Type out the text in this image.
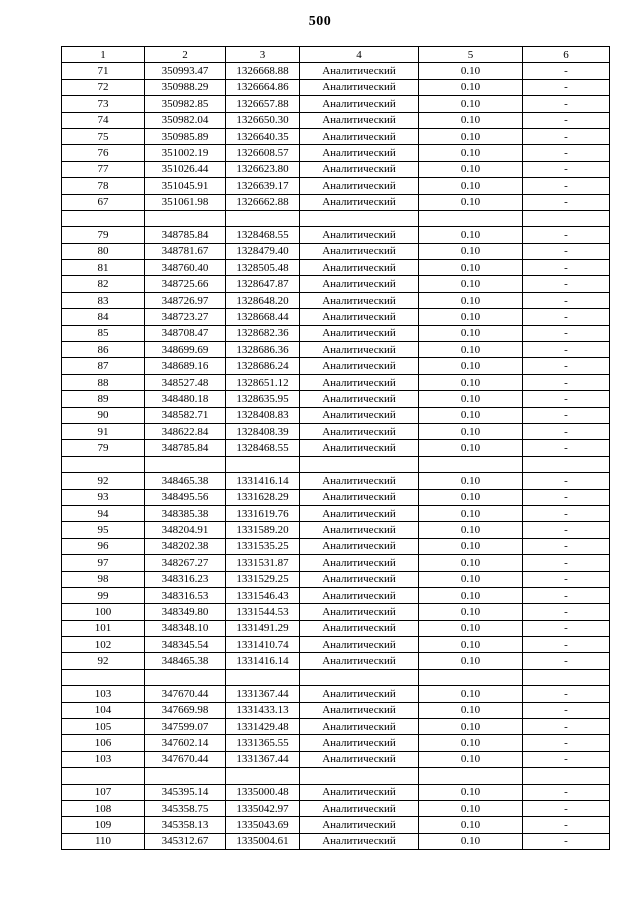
500
1	2	3	4	5	6
71	350993.47	1326668.88	Аналитический	0.10	-
72	350988.29	1326664.86	Аналитический	0.10	-
73	350982.85	1326657.88	Аналитический	0.10	-
74	350982.04	1326650.30	Аналитический	0.10	-
75	350985.89	1326640.35	Аналитический	0.10	-
76	351002.19	1326608.57	Аналитический	0.10	-
77	351026.44	1326623.80	Аналитический	0.10	-
78	351045.91	1326639.17	Аналитический	0.10	-
67	351061.98	1326662.88	Аналитический	0.10	-

79	348785.84	1328468.55	Аналитический	0.10	-
80	348781.67	1328479.40	Аналитический	0.10	-
81	348760.40	1328505.48	Аналитический	0.10	-
82	348725.66	1328647.87	Аналитический	0.10	-
83	348726.97	1328648.20	Аналитический	0.10	-
84	348723.27	1328668.44	Аналитический	0.10	-
85	348708.47	1328682.36	Аналитический	0.10	-
86	348699.69	1328686.36	Аналитический	0.10	-
87	348689.16	1328686.24	Аналитический	0.10	-
88	348527.48	1328651.12	Аналитический	0.10	-
89	348480.18	1328635.95	Аналитический	0.10	-
90	348582.71	1328408.83	Аналитический	0.10	-
91	348622.84	1328408.39	Аналитический	0.10	-
79	348785.84	1328468.55	Аналитический	0.10	-

92	348465.38	1331416.14	Аналитический	0.10	-
93	348495.56	1331628.29	Аналитический	0.10	-
94	348385.38	1331619.76	Аналитический	0.10	-
95	348204.91	1331589.20	Аналитический	0.10	-
96	348202.38	1331535.25	Аналитический	0.10	-
97	348267.27	1331531.87	Аналитический	0.10	-
98	348316.23	1331529.25	Аналитический	0.10	-
99	348316.53	1331546.43	Аналитический	0.10	-
100	348349.80	1331544.53	Аналитический	0.10	-
101	348348.10	1331491.29	Аналитический	0.10	-
102	348345.54	1331410.74	Аналитический	0.10	-
92	348465.38	1331416.14	Аналитический	0.10	-

103	347670.44	1331367.44	Аналитический	0.10	-
104	347669.98	1331433.13	Аналитический	0.10	-
105	347599.07	1331429.48	Аналитический	0.10	-
106	347602.14	1331365.55	Аналитический	0.10	-
103	347670.44	1331367.44	Аналитический	0.10	-

107	345395.14	1335000.48	Аналитический	0.10	-
108	345358.75	1335042.97	Аналитический	0.10	-
109	345358.13	1335043.69	Аналитический	0.10	-
110	345312.67	1335004.61	Аналитический	0.10	-
